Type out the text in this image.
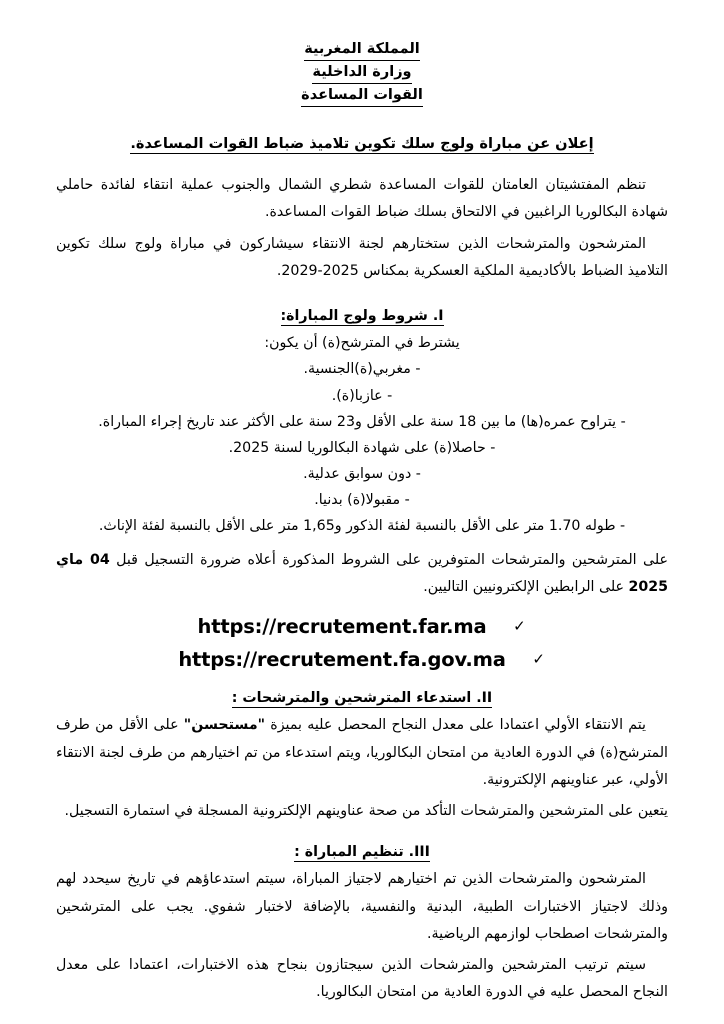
المملكة المغربية
وزارة الداخلية
القوات المساعدة
إعلان عن مباراة ولوج سلك تكوين تلاميذ ضباط القوات المساعدة.

تنظم المفتشيتان العامتان للقوات المساعدة شطري الشمال والجنوب عملية انتقاء لفائدة حاملي شهادة البكالوريا الراغبين في الالتحاق بسلك ضباط القوات المساعدة.

المترشحون والمترشحات الذين ستختارهم لجنة الانتقاء سيشاركون في مباراة ولوج سلك تكوين التلاميذ الضباط بالأكاديمية الملكية العسكرية بمكناس 2025-2029.

I. شروط ولوج المباراة:

يشترط في المترشح(ة) أن يكون:

- مغربي(ة)الجنسية.
- عازبا(ة).
- يتراوح عمره(ها) ما بين 18 سنة على الأقل و23 سنة على الأكثر عند تاريخ إجراء المباراة.
- حاصلا(ة) على شهادة البكالوريا لسنة 2025.
- دون سوابق عدلية.
- مقبولا(ة) بدنيا.
- طوله 1.70 متر على الأقل بالنسبة لفئة الذكور و1,65 متر على الأقل بالنسبة لفئة الإناث.

على المترشحين والمترشحات المتوفرين على الشروط المذكورة أعلاه ضرورة التسجيل قبل 04 ماي 2025 على الرابطين الإلكترونيين التاليين.

https://recrutement.far.ma ✓
https://recrutement.fa.gov.ma ✓
II. استدعاء المترشحين والمترشحات :

يتم الانتقاء الأولي اعتمادا على معدل النجاح المحصل عليه بميزة "مستحسن" على الأقل من طرف المترشح(ة) في الدورة العادية من امتحان البكالوريا، ويتم استدعاء من تم اختيارهم من طرف لجنة الانتقاء الأولي، عبر عناوينهم الإلكترونية.

يتعين على المترشحين والمترشحات التأكد من صحة عناوينهم الإلكترونية المسجلة في استمارة التسجيل.

III. تنظيم المباراة :

المترشحون والمترشحات الذين تم اختيارهم لاجتياز المباراة، سيتم استدعاؤهم في تاريخ سيحدد لهم وذلك لاجتياز الاختبارات الطبية، البدنية والنفسية، بالإضافة لاختبار شفوي. يجب على المترشحين والمترشحات اصطحاب لوازمهم الرياضية.

سيتم ترتيب المترشحين والمترشحات الذين سيجتازون بنجاح هذه الاختبارات، اعتمادا على معدل النجاح المحصل عليه في الدورة العادية من امتحان البكالوريا.
